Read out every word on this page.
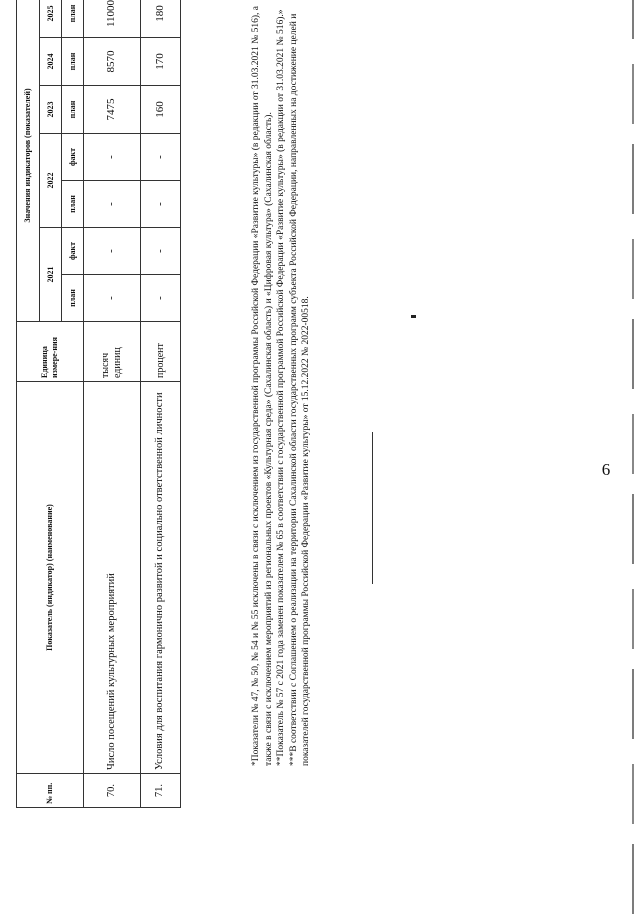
6
№ пп.	Показатель (индикатор) (наименование)	Единица измере-ния	Значения индикаторов (показателей)						
			2021		2022		2023	2024	2025
			план	факт	план	факт	план	план	план
70.	Число посещений культурных мероприятий	тысяч единиц	-	-	-	-	7475	8570	11000
71.	Условия для воспитания гармонично развитой и социально ответственной личности	процент	-	-	-	-	160	170	180	*Показатели № 47, № 50, № 54 и № 55 исключены в связи с исключением из государственной программы Российской Федерации «Развитие культуры» (в редакции от 31.03.2021 № 516), а также в связи с исключением мероприятий из региональных проектов «Культурная среда» (Сахалинская область) и «Цифровая культура» (Сахалинская область). **Показатель № 57 с 2021 года заменен показателем № 65 в соответствии с государственной программой Российской Федерации «Развитие культуры» (в редакции от 31.03.2021 № 516).» ***В соответствии с Соглашением о реализации на территории Сахалинской области государственных программ субъекта Российской Федерации, направленных на достижение целей и показателей государственной программы Российской Федерации «Развитие культуры» от 15.12.2022 № 2022-00518.
